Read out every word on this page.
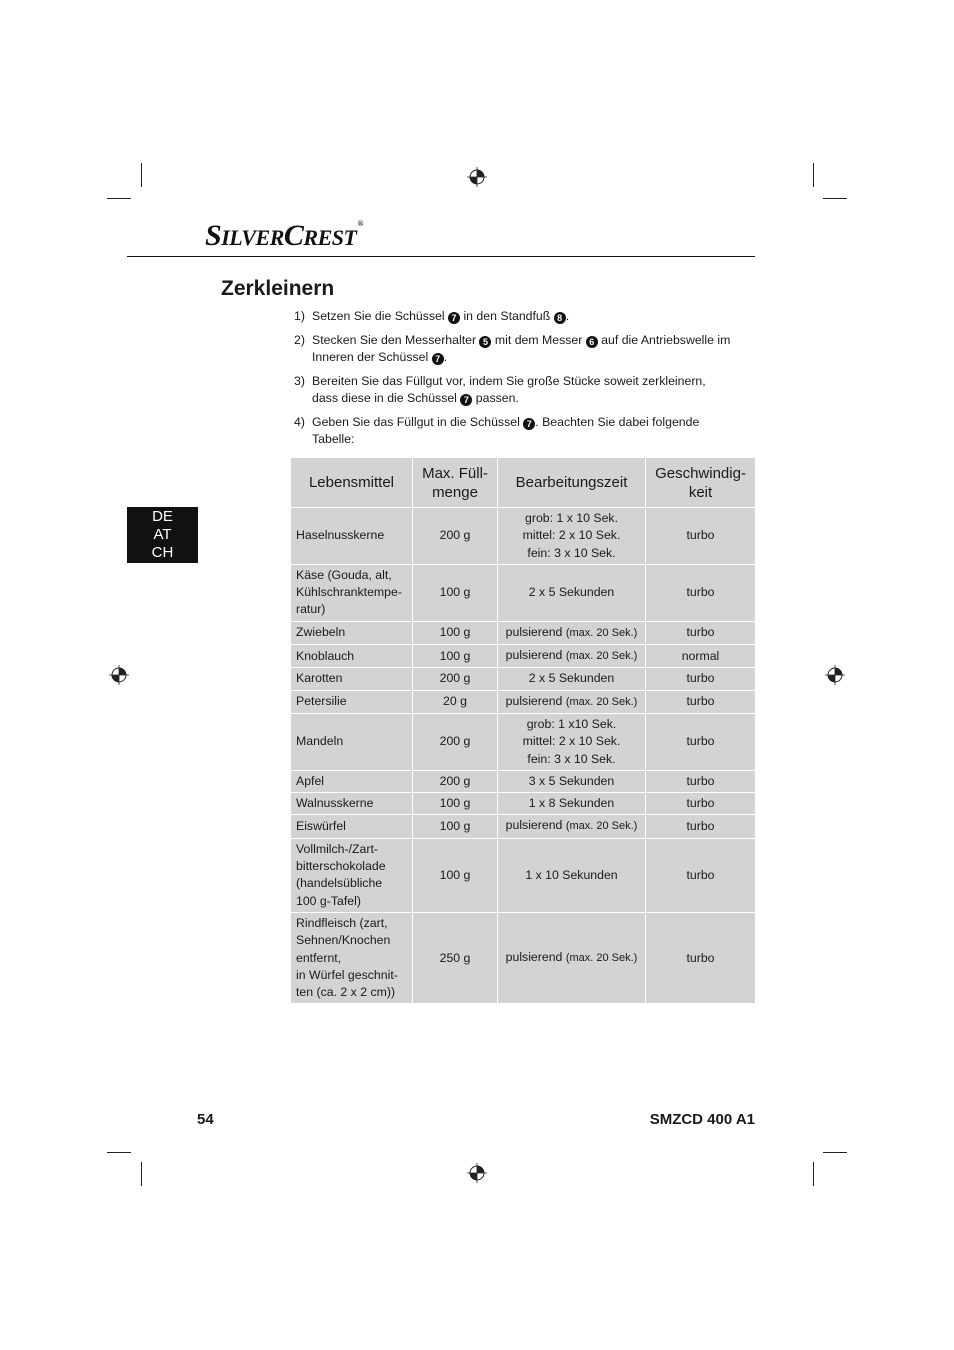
SILVERCREST®
Zerkleinern
1) Setzen Sie die Schüssel 7 in den Standfuß 8 .
2) Stecken Sie den Messerhalter 5 mit dem Messer 6 auf die Antriebswelle im Inneren der Schüssel 7 .
3) Bereiten Sie das Füllgut vor, indem Sie große Stücke soweit zerkleinern, dass diese in die Schüssel 7 passen.
4) Geben Sie das Füllgut in die Schüssel 7 . Beachten Sie dabei folgende Tabelle:
DE
AT
CH
Lebensmittel	Max. Füll-
menge	Bearbeitungszeit	Geschwindig-
keit
Haselnusskerne	200 g	grob: 1 x 10 Sek.
mittel: 2 x 10 Sek.
fein: 3 x 10 Sek.	turbo
Käse (Gouda, alt,
Kühlschranktempe-
ratur)	100 g	2 x 5 Sekunden	turbo
Zwiebeln	100 g	pulsierend (max. 20 Sek.)	turbo
Knoblauch	100 g	pulsierend (max. 20 Sek.)	normal
Karotten	200 g	2 x 5 Sekunden	turbo
Petersilie	20 g	pulsierend (max. 20 Sek.)	turbo
Mandeln	200 g	grob: 1 x10 Sek.
mittel: 2 x 10 Sek.
fein: 3 x 10 Sek.	turbo
Apfel	200 g	3 x 5 Sekunden	turbo
Walnusskerne	100 g	1 x 8 Sekunden	turbo
Eiswürfel	100 g	pulsierend (max. 20 Sek.)	turbo
Vollmilch-/Zart-
bitterschokolade
(handelsübliche
100 g-Tafel)	100 g	1 x 10 Sekunden	turbo
Rindfleisch (zart,
Sehnen/Knochen
entfernt,
in Würfel geschnit-
ten (ca. 2 x 2 cm))	250 g	pulsierend (max. 20 Sek.)	turbo
54	SMZCD 400 A1
